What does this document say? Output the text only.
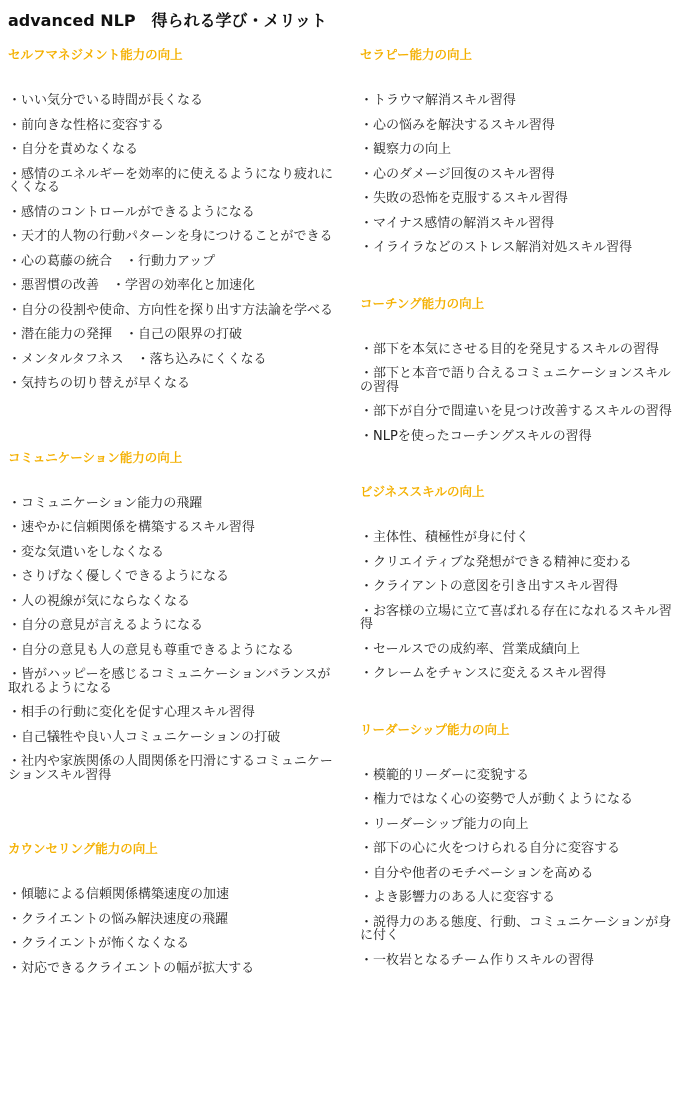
advanced NLP　得られる学び・メリット
セルフマネジメント能力の向上
・いい気分でいる時間が長くなる
・前向きな性格に変容する
・自分を責めなくなる
・感情のエネルギーを効率的に使えるようになり疲れにくくなる
・感情のコントロールができるようになる
・天才的人物の行動パターンを身につけることができる
・心の葛藤の統合　・行動力アップ
・悪習慣の改善　・学習の効率化と加速化
・自分の役割や使命、方向性を探り出す方法論を学べる
・潜在能力の発揮　・自己の限界の打破
・メンタルタフネス　・落ち込みにくくなる
・気持ちの切り替えが早くなる
コミュニケーション能力の向上
・コミュニケーション能力の飛躍
・速やかに信頼関係を構築するスキル習得
・変な気遣いをしなくなる
・さりげなく優しくできるようになる
・人の視線が気にならなくなる
・自分の意見が言えるようになる
・自分の意見も人の意見も尊重できるようになる
・皆がハッピーを感じるコミュニケーションバランスが取れるようになる
・相手の行動に変化を促す心理スキル習得
・自己犠牲や良い人コミュニケーションの打破
・社内や家族関係の人間関係を円滑にするコミュニケーションスキル習得
カウンセリング能力の向上
・傾聴による信頼関係構築速度の加速
・クライエントの悩み解決速度の飛躍
・クライエントが怖くなくなる
・対応できるクライエントの幅が拡大する
セラピー能力の向上
・トラウマ解消スキル習得
・心の悩みを解決するスキル習得
・観察力の向上
・心のダメージ回復のスキル習得
・失敗の恐怖を克服するスキル習得
・マイナス感情の解消スキル習得
・イライラなどのストレス解消対処スキル習得
コーチング能力の向上
・部下を本気にさせる目的を発見するスキルの習得
・部下と本音で語り合えるコミュニケーションスキルの習得
・部下が自分で間違いを見つけ改善するスキルの習得
・NLPを使ったコーチングスキルの習得
ビジネススキルの向上
・主体性、積極性が身に付く
・クリエイティブな発想ができる精神に変わる
・クライアントの意図を引き出すスキル習得
・お客様の立場に立て喜ばれる存在になれるスキル習得
・セールスでの成約率、営業成績向上
・クレームをチャンスに変えるスキル習得
リーダーシップ能力の向上
・模範的リーダーに変貌する
・権力ではなく心の姿勢で人が動くようになる
・リーダーシップ能力の向上
・部下の心に火をつけられる自分に変容する
・自分や他者のモチベーションを高める
・よき影響力のある人に変容する
・説得力のある態度、行動、コミュニケーションが身に付く
・一枚岩となるチーム作りスキルの習得
